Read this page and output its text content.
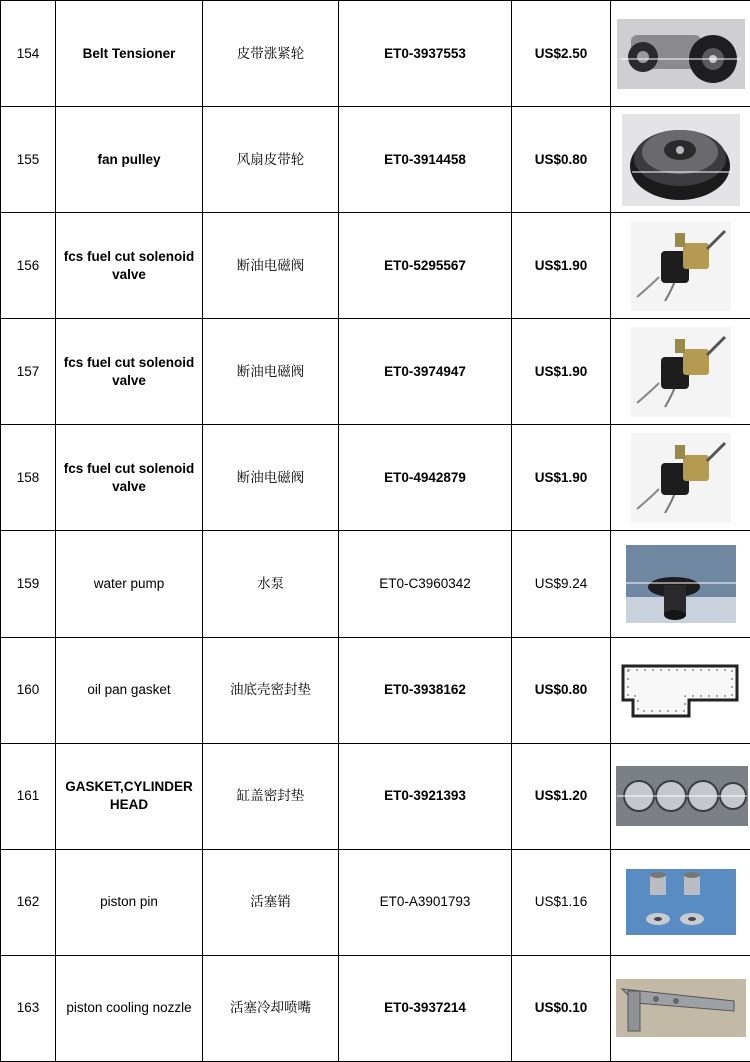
154	Belt Tensioner	皮带涨紧轮	ET0-3937553	US$2.50	

155	fan pulley	风扇皮带轮	ET0-3914458	US$0.80	

156	fcs fuel cut solenoid valve	断油电磁阀	ET0-5295567	US$1.90	

157	fcs fuel cut solenoid valve	断油电磁阀	ET0-3974947	US$1.90	

158	fcs fuel cut solenoid valve	断油电磁阀	ET0-4942879	US$1.90	

159	water pump	水泵	ET0-C3960342	US$9.24	

160	oil pan gasket	油底壳密封垫	ET0-3938162	US$0.80	

161	GASKET,CYLINDER HEAD	缸盖密封垫	ET0-3921393	US$1.20	

162	piston pin	活塞销	ET0-A3901793	US$1.16	

163	piston cooling nozzle	活塞冷却喷嘴	ET0-3937214	US$0.10	
